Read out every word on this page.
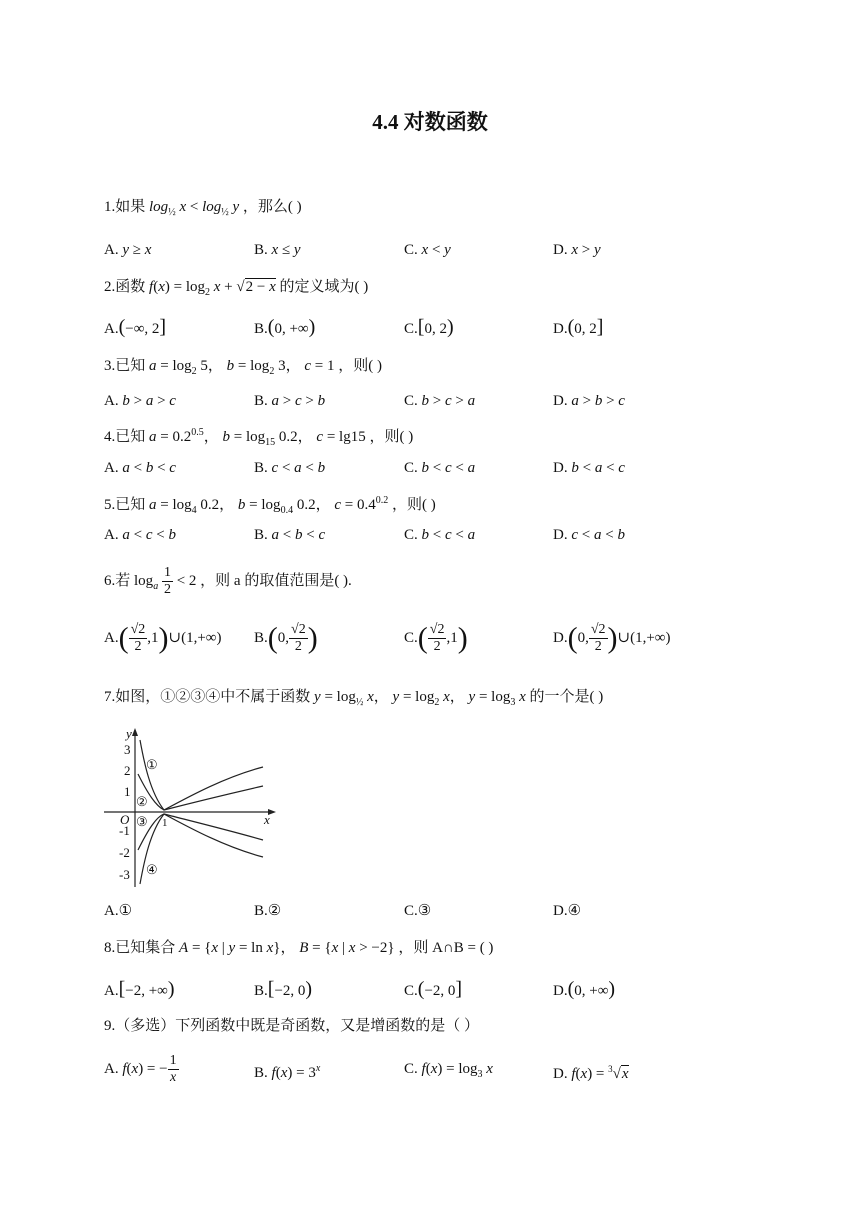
4.4 对数函数
1.如果 $\log_{\frac{1}{2}} x < \log_{\frac{1}{2}} y$ ，那么( )
A. y ≥ x	B. x ≤ y	C. x < y	D. x > y
2.函数 $f(x) = \log_2 x + √2 - x$ 的定义域为( )
A.(−∞, 2]	B.(0, +∞)	C.[0, 2)	D.(0, 2]
3.已知 $a = \log_2 5$， $b = \log_2 3$， c = 1 ，则( )
A. b > a > c	B. a > c > b	C. b > c > a	D. a > b > c
4.已知 $a = 0.2^{0.5}$， $b = \log_{15} 0.2$， c = lg15 ，则( )
A. a < b < c	B. c < a < b	C. b < c < a	D. b < a < c
5.已知 $a = \log_4 0.2$， $b = \log_{0.4} 0.2$， $c = 0.4^{0.2}$ ，则( )
A. a < c < b	B. a < b < c	C. b < c < a	D. c < a < b
6.若 $\log_a \frac{1}{2} < 2$ ，则 a 的取值范围是( ).
$A.( \frac{√2}{2}$ ,1)∪(1,+∞) B.(0, $\frac{√2}{2}$ )	$C.( \frac{√2}{2} ,1)$	D.(0, $\frac{√2}{2}$ )∪(1,+∞)
7.如图，①②③④中不属于函数 $y = \log_{\frac{1}{2}} x$， $y = \log_2 x$， $y = \log_3 x$ 的一个是( )
y
x
O	1
3
2
1
-1
-2
-3
①
②
③
④
A.①	B.②	C.③	D.④
8.已知集合 A = {x | y = ln x}， B = {x | x > −2} ，则 A∩B = ( )
A.[−2, +∞)	B.[−2, 0)	C.(−2, 0]	D.(0, +∞)
9.（多选）下列函数中既是奇函数，又是增函数的是（ ）
A. f(x) = − $\frac{1}{x}$	B. $f(x) = 3^x$	C. $f(x) = \log_3 x$	D. f(x) = $^3$√x
